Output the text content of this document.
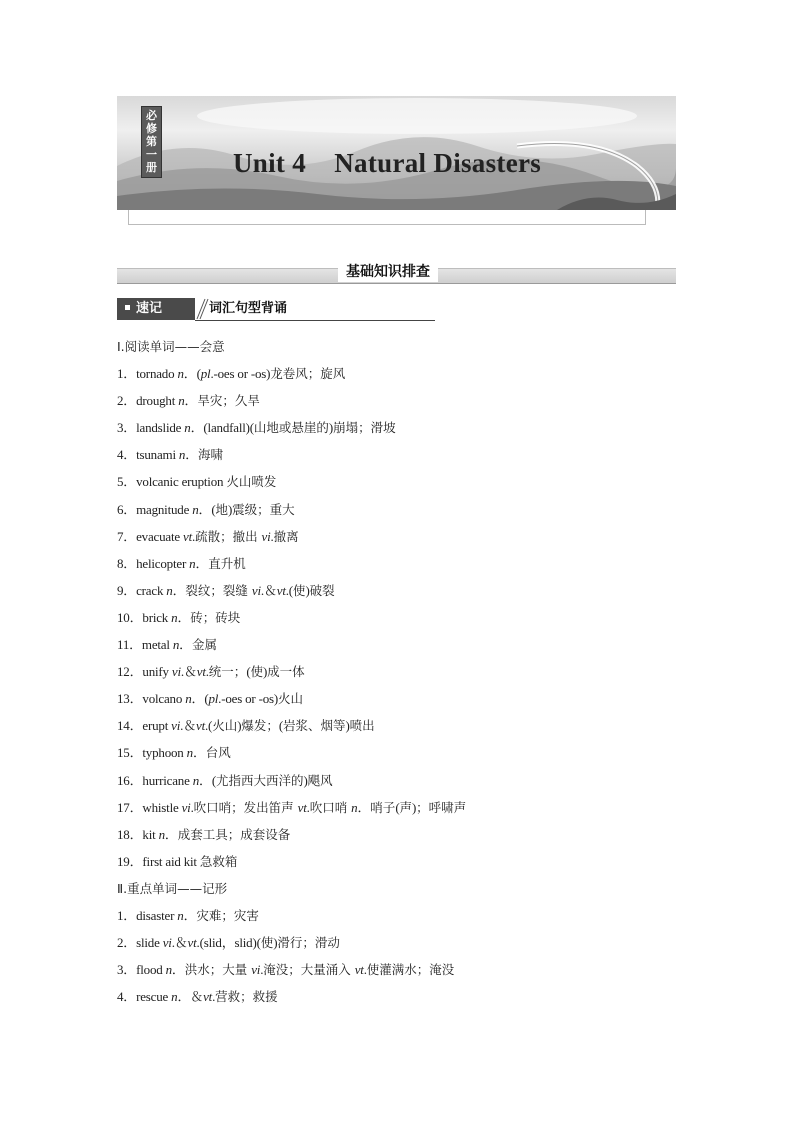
必
修
第
一
册	Unit 4    Natural Disasters
基础知识排查
速记	词汇句型背诵
Ⅰ.阅读单词——会意
1．tornado n．(pl.-oes or -os)龙卷风；旋风
2．drought n．旱灾；久旱
3．landslide n．(landfall)(山地或悬崖的)崩塌；滑坡
4．tsunami n．海啸
5．volcanic eruption 火山喷发
6．magnitude n．(地)震级；重大
7．evacuate vt.疏散；撤出 vi.撤离
8．helicopter n．直升机
9．crack n．裂纹；裂缝 vi.＆vt.(使)破裂
10．brick n．砖；砖块
11．metal n．金属
12．unify vi.＆vt.统一；(使)成一体
13．volcano n．(pl.-oes or -os)火山
14．erupt vi.＆vt.(火山)爆发；(岩浆、烟等)喷出
15．typhoon n．台风
16．hurricane n．(尤指西大西洋的)飓风
17．whistle vi.吹口哨；发出笛声 vt.吹口哨 n．哨子(声)；呼啸声
18．kit n．成套工具；成套设备
19．first aid kit 急救箱
Ⅱ.重点单词——记形
1．disaster n．灾难；灾害
2．slide vi.＆vt.(slid，slid)(使)滑行；滑动
3．flood n．洪水；大量 vi.淹没；大量涌入 vt.使灌满水；淹没
4．rescue n．＆vt.营救；救援
